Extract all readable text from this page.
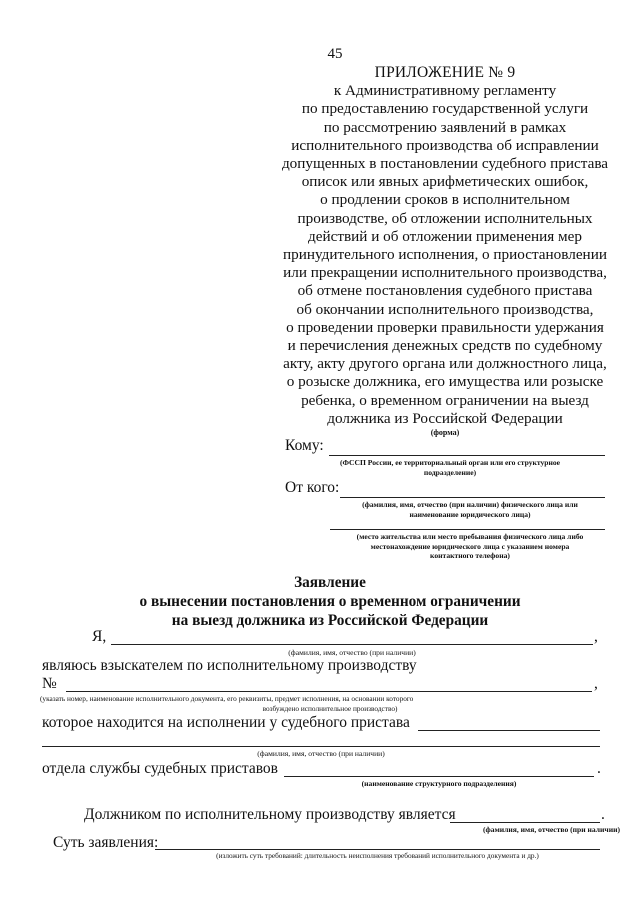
45
ПРИЛОЖЕНИЕ № 9
к Административному регламенту
по предоставлению государственной услуги
по рассмотрению заявлений в рамках
исполнительного производства об исправлении
допущенных в постановлении судебного пристава
описок или явных арифметических ошибок,
о продлении сроков в исполнительном
производстве, об отложении исполнительных
действий и об отложении применения мер
принудительного исполнения, о приостановлении
или прекращении исполнительного производства,
об отмене постановления судебного пристава
об окончании исполнительного производства,
о проведении проверки правильности удержания
и перечисления денежных средств по судебному
акту, акту другого органа или должностного лица,
о розыске должника, его имущества или розыске
ребенка, о временном ограничении на выезд
должника из Российской Федерации
(форма)
Кому:
(ФССП России, ее территориальный орган или его структурное
подразделение)
От кого:
(фамилия, имя, отчество (при наличии) физического лица или
наименование юридического лица)
(место жительства или место пребывания физического лица либо
местонахождение юридического лица с указанием номера
контактного телефона)
Заявление
о вынесении постановления о временном ограничении
на выезд должника из Российской Федерации
Я,	,
(фамилия, имя, отчество (при наличии)
являюсь взыскателем по исполнительному производству
№	,
(указать номер, наименование исполнительного документа, его реквизиты, предмет исполнения, на основании которого
возбуждено исполнительное производство)
которое находится на исполнении у судебного пристава
(фамилия, имя, отчество (при наличии)
отдела службы судебных приставов	.
(наименование структурного подразделения)
Должником по исполнительному производству является	.
(фамилия, имя, отчество (при наличии)
Суть заявления:
(изложить суть требований: длительность неисполнения требований исполнительного документа и др.)
